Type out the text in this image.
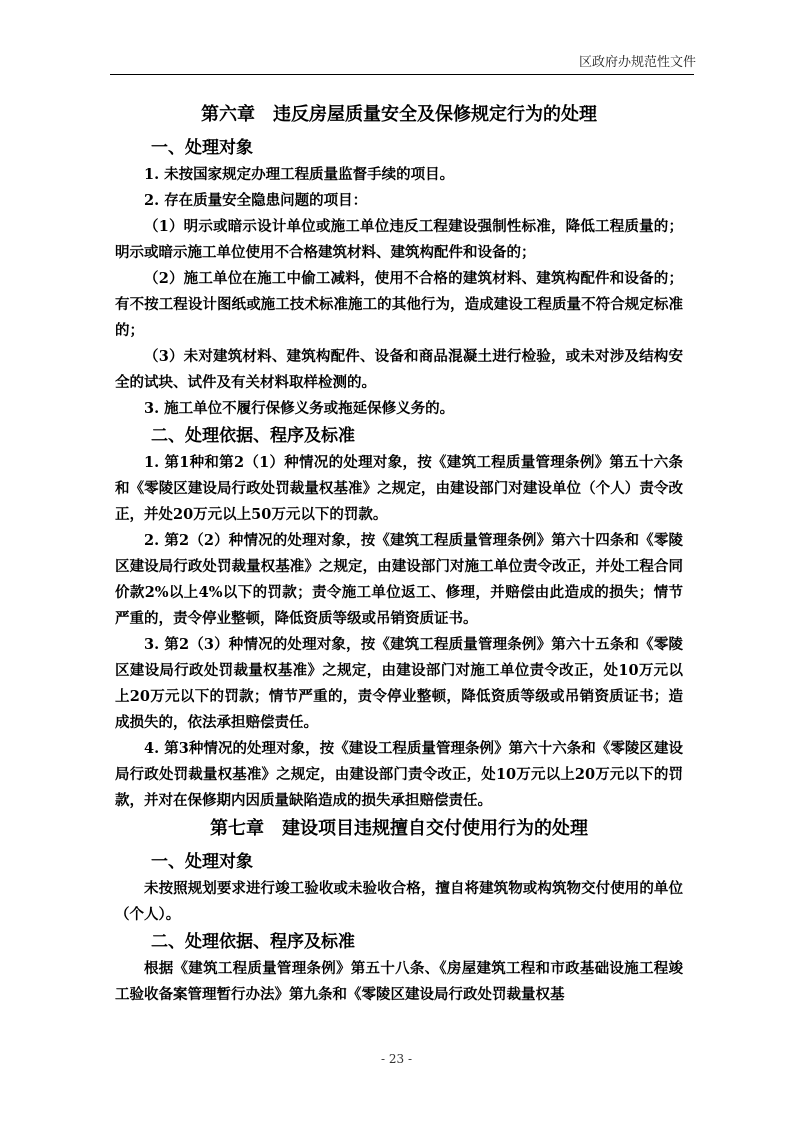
区政府办规范性文件
第六章　违反房屋质量安全及保修规定行为的处理
一、处理对象

1. 未按国家规定办理工程质量监督手续的项目。

2. 存在质量安全隐患问题的项目：

（1）明示或暗示设计单位或施工单位违反工程建设强制性标准，降低工程质量的；明示或暗示施工单位使用不合格建筑材料、建筑构配件和设备的；

（2）施工单位在施工中偷工减料，使用不合格的建筑材料、建筑构配件和设备的；有不按工程设计图纸或施工技术标准施工的其他行为，造成建设工程质量不符合规定标准的；

（3）未对建筑材料、建筑构配件、设备和商品混凝土进行检验，或未对涉及结构安全的试块、试件及有关材料取样检测的。

3. 施工单位不履行保修义务或拖延保修义务的。

二、处理依据、程序及标准

1. 第1种和第2（1）种情况的处理对象，按《建筑工程质量管理条例》第五十六条和《零陵区建设局行政处罚裁量权基准》之规定，由建设部门对建设单位（个人）责令改正，并处20万元以上50万元以下的罚款。

2. 第2（2）种情况的处理对象，按《建筑工程质量管理条例》第六十四条和《零陵区建设局行政处罚裁量权基准》之规定，由建设部门对施工单位责令改正，并处工程合同价款2%以上4%以下的罚款；责令施工单位返工、修理，并赔偿由此造成的损失；情节严重的，责令停业整顿，降低资质等级或吊销资质证书。

3. 第2（3）种情况的处理对象，按《建筑工程质量管理条例》第六十五条和《零陵区建设局行政处罚裁量权基准》之规定，由建设部门对施工单位责令改正，处10万元以上20万元以下的罚款；情节严重的，责令停业整顿，降低资质等级或吊销资质证书；造成损失的，依法承担赔偿责任。

4. 第3种情况的处理对象，按《建设工程质量管理条例》第六十六条和《零陵区建设局行政处罚裁量权基准》之规定，由建设部门责令改正，处10万元以上20万元以下的罚款，并对在保修期内因质量缺陷造成的损失承担赔偿责任。

第七章　建设项目违规擅自交付使用行为的处理
一、处理对象

未按照规划要求进行竣工验收或未验收合格，擅自将建筑物或构筑物交付使用的单位（个人）。

二、处理依据、程序及标准

根据《建筑工程质量管理条例》第五十八条、《房屋建筑工程和市政基础设施工程竣工验收备案管理暂行办法》第九条和《零陵区建设局行政处罚裁量权基

- 23 -
